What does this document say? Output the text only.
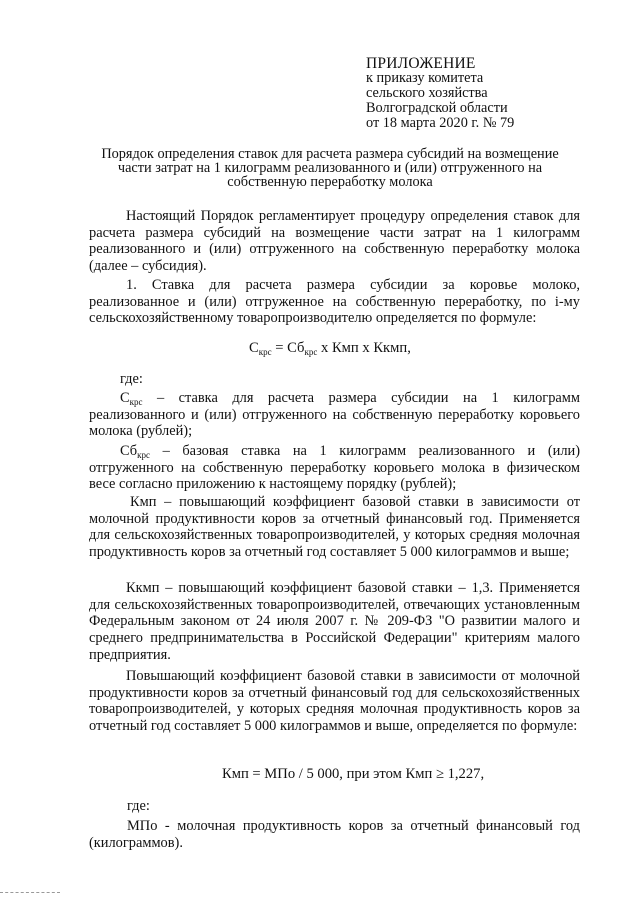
ПРИЛОЖЕНИЕ
к приказу комитета
сельского хозяйства
Волгоградской области
от 18 марта 2020 г. № 79
Порядок определения ставок для расчета размера субсидий на возмещение
части затрат на 1 килограмм реализованного и (или) отгруженного на
собственную переработку молока
Настоящий Порядок регламентирует процедуру определения ставок для расчета размера субсидий на возмещение части затрат на 1 килограмм реализованного и (или) отгруженного на собственную переработку молока (далее – субсидия).
1. Ставка для расчета размера субсидии за коровье молоко, реализованное и (или) отгруженное на собственную переработку, по i-му сельскохозяйственному товаропроизводителю определяется по формуле:
$С_{крс} = Сб_{крс}$ х Кмп х Ккмп,
где:
$С_{крс}$ – ставка для расчета размера субсидии на 1 килограмм реализованного и (или) отгруженного на собственную переработку коровьего молока (рублей);
$Сб_{крс}$ – базовая ставка на 1 килограмм реализованного и (или) отгруженного на собственную переработку коровьего молока в физическом весе согласно приложению к настоящему порядку (рублей);
Кмп – повышающий коэффициент базовой ставки в зависимости от молочной продуктивности коров за отчетный финансовый год. Применяется для сельскохозяйственных товаропроизводителей, у которых средняя молочная продуктивность коров за отчетный год составляет 5 000 килограммов и выше;
Ккмп – повышающий коэффициент базовой ставки – 1,3. Применяется для сельскохозяйственных товаропроизводителей, отвечающих установленным Федеральным законом от 24 июля 2007 г. № 209-ФЗ "О развитии малого и среднего предпринимательства в Российской Федерации" критериям малого предприятия.
Повышающий коэффициент базовой ставки в зависимости от молочной продуктивности коров за отчетный финансовый год для сельскохозяйственных товаропроизводителей, у которых средняя молочная продуктивность коров за отчетный год составляет 5 000 килограммов и выше, определяется по формуле:
Кмп = МПо / 5 000, при этом Кмп ≥ 1,227,
где:
МПо - молочная продуктивность коров за отчетный финансовый год (килограммов).
